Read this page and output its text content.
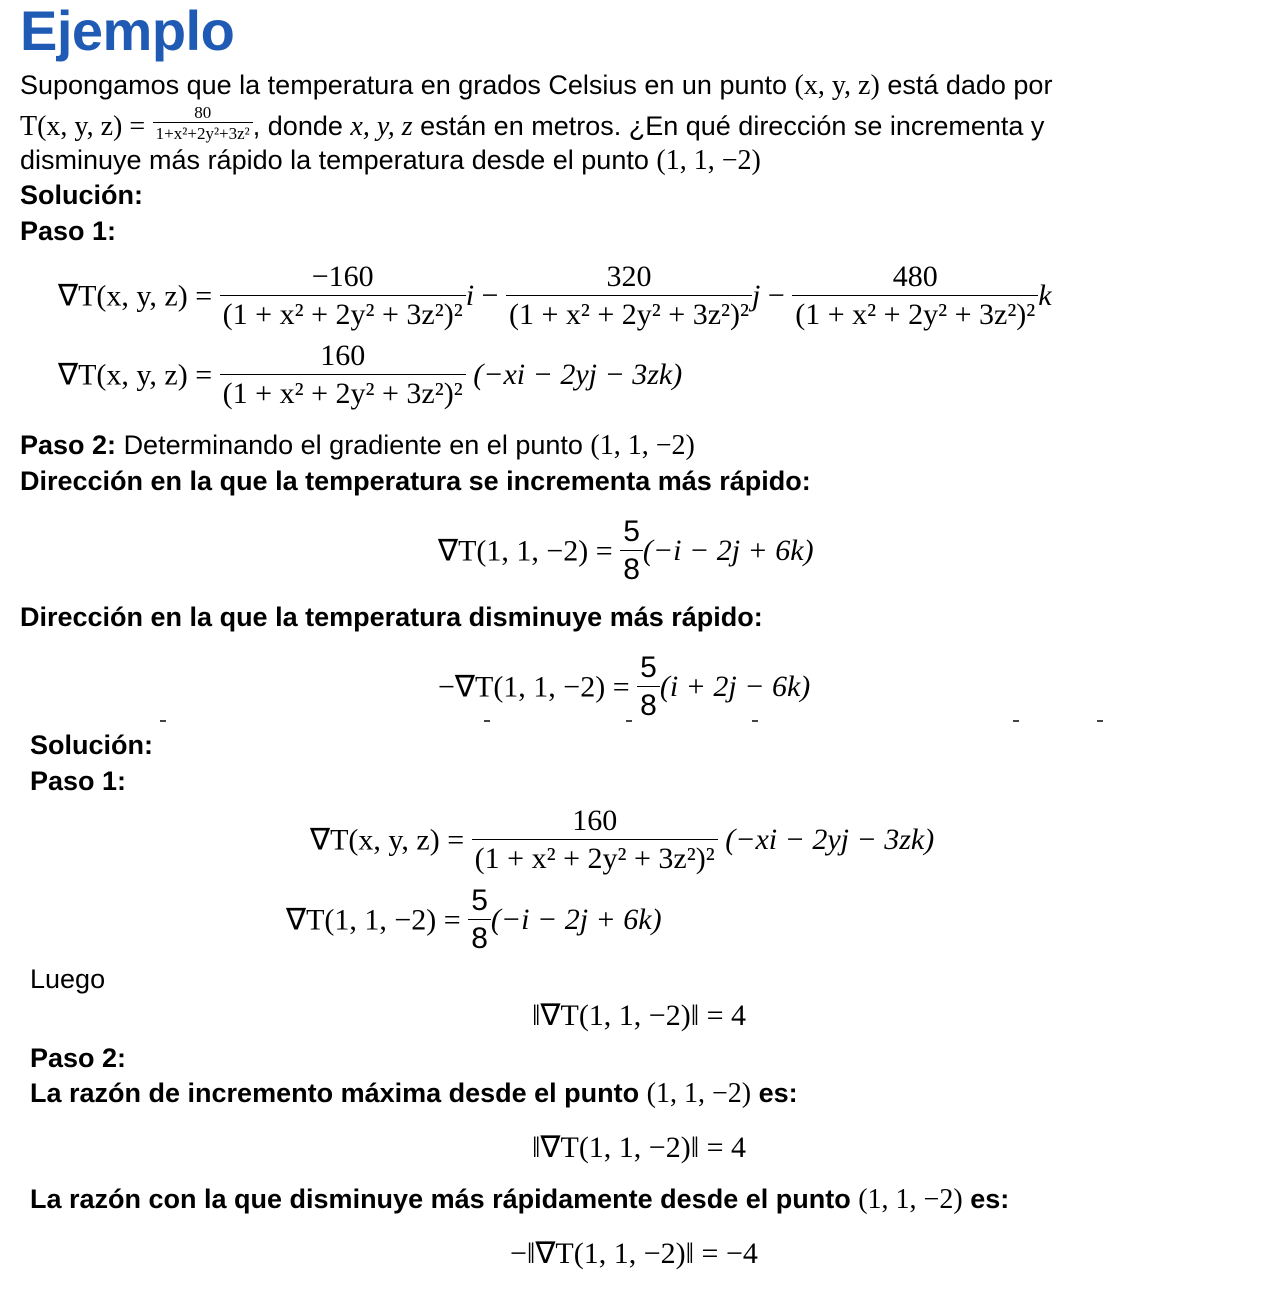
Ejemplo
Supongamos que la temperatura en grados Celsius en un punto (x, y, z) está dado por
T(x, y, $z) = \frac{80}{\text{1+x²+2y²+3z²}}$ , donde x, y, z están en metros. ¿En qué dirección se incrementa y
disminuye más rápido la temperatura desde el punto (1, 1, −2)
Solución:
Paso 1:
∇T(x, y, $z) = \frac{-160}{\text{(1 + x² + 2y² + 3z²)²}}$ $i - \frac{320}{\text{(1 + x² + 2y² + 3z²)²}}$ $j - \frac{480}{\text{(1 + x² + 2y² + 3z²)²}}$ k
∇T(x, y, $z) = \frac{160}{\text{(1 + x² + 2y² + 3z²)²}} (-xi - 2yj - 3zk)$
Paso 2: Determinando el gradiente en el punto (1, 1, −2)
Dirección en la que la temperatura se incrementa más rápido:
∇T(1, 1, $-2) = \frac{5}{8} (-i - 2j + 6k)$
Dirección en la que la temperatura disminuye más rápido:
−∇T(1, 1, $-2) = \frac{5}{8} (i + 2j - 6k)$
Solución:
Paso 1:
∇T(x, y, $z) = \frac{160}{\text{(1 + x² + 2y² + 3z²)²}} (-xi - 2yj - 3zk)$
∇T(1, 1, $-2) = \frac{5}{8} (-i - 2j + 6k)$
Luego
‖∇T(1, 1, −2)‖ = 4
Paso 2:
La razón de incremento máxima desde el punto (1, 1, −2) es:
‖∇T(1, 1, −2)‖ = 4
La razón con la que disminuye más rápidamente desde el punto (1, 1, −2) es:
−‖∇T(1, 1, −2)‖ = −4
